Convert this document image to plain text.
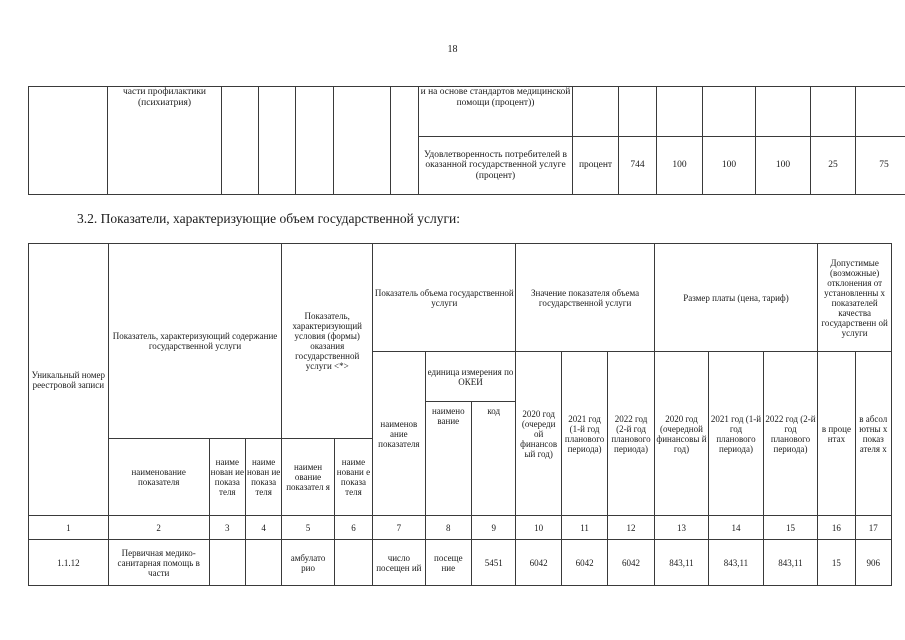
18
	части профилактики (психиатрия)						и на основе стандартов медицинской помощи (процент))							
							Удовлетворенность потребителей в оказанной государственной услуге (процент)	процент	744	100	100	100	25	75
3.2. Показатели, характеризующие объем государственной услуги:
Уникальный номер реестровой записи	Показатель, характеризующий содержание государственной услуги			Показатель, характеризующий условия (формы) оказания государственной услуги <*>		Показатель объема государственной услуги			Значение показателя объема государственной услуги			Размер платы (цена, тариф)			Допустимые (возможные) отклонения от установленны х показателей качества государственн ой услуги	
						наименов ание показателя	единица измерения по ОКЕИ		2020 год (очереди ой финансов ый год)	2021 год (1-й год планового периода)	2022 год (2-й год планового периода)	2020 год (очередной финансовы й год)	2021 год (1-й год планового периода)	2022 год (2-й год планового периода)	в проце нтах	в абсол ютны х показ ателя х
							наимено вание	код								
	наименование показателя	наиме нован ие показа теля	наиме нован ие показа теля	наимен ование показател я	наиме новани е показа теля											
1	2	3	4	5	6	7	8	9	10	11	12	13	14	15	16	17
1.1.12	Первичная медико-санитарная помощь в части			амбулато рио		число посещен ий	посеще ние	5451	6042	6042	6042	843,11	843,11	843,11	15	906
